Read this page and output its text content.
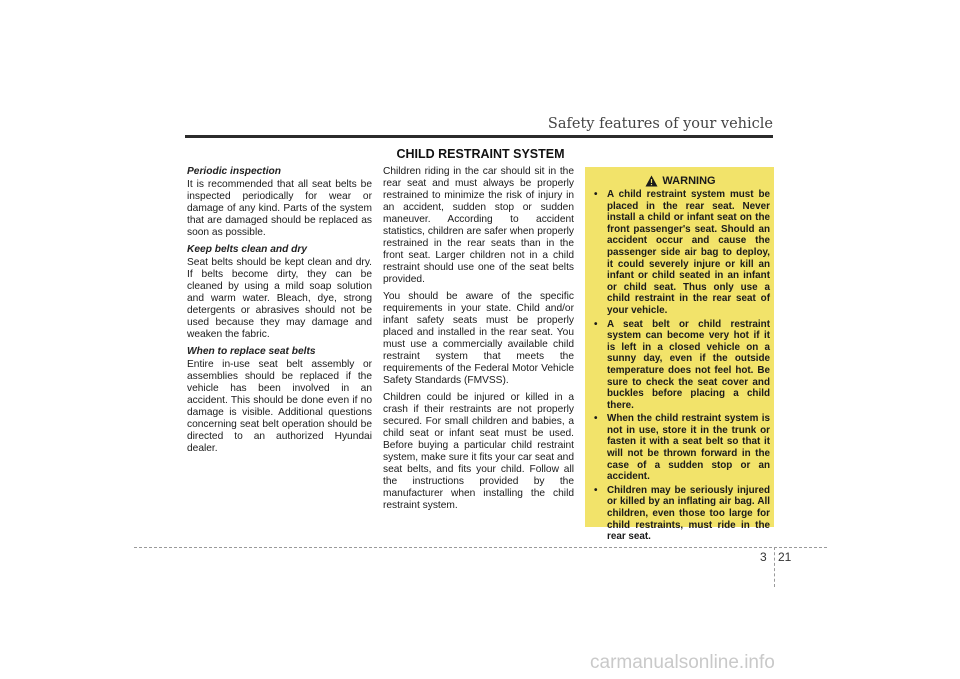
Safety features of your vehicle
Periodic inspection

It is recommended that all seat belts be inspected periodically for wear or damage of any kind. Parts of the system that are damaged should be replaced as soon as possible.

Keep belts clean and dry

Seat belts should be kept clean and dry. If belts become dirty, they can be cleaned by using a mild soap solution and warm water. Bleach, dye, strong detergents or abrasives should not be used because they may damage and weaken the fabric.

When to replace seat belts

Entire in-use seat belt assembly or assemblies should be replaced if the vehicle has been involved in an accident. This should be done even if no damage is visible. Additional questions concerning seat belt operation should be directed to an authorized Hyundai dealer.

CHILD RESTRAINT SYSTEM

Children riding in the car should sit in the rear seat and must always be properly restrained to minimize the risk of injury in an accident, sudden stop or sudden maneuver. According to accident statistics, children are safer when properly restrained in the rear seats than in the front seat. Larger children not in a child restraint should use one of the seat belts provided.

You should be aware of the specific requirements in your state. Child and/or infant safety seats must be properly placed and installed in the rear seat. You must use a commercially available child restraint system that meets the requirements of the Federal Motor Vehicle Safety Standards (FMVSS).

Children could be injured or killed in a crash if their restraints are not properly secured. For small children and babies, a child seat or infant seat must be used. Before buying a particular child restraint system, make sure it fits your car seat and seat belts, and fits your child. Follow all the instructions provided by the manufacturer when installing the child restraint system.

WARNING
• A child restraint system must be placed in the rear seat. Never install a child or infant seat on the front passenger's seat. Should an accident occur and cause the passenger side air bag to deploy, it could severely injure or kill an infant or child seated in an infant or child seat. Thus only use a child restraint in the rear seat of your vehicle.
• A seat belt or child restraint system can become very hot if it is left in a closed vehicle on a sunny day, even if the outside temperature does not feel hot. Be sure to check the seat cover and buckles before placing a child there.
• When the child restraint system is not in use, store it in the trunk or fasten it with a seat belt so that it will not be thrown forward in the case of a sudden stop or an accident.
• Children may be seriously injured or killed by an inflating air bag. All children, even those too large for child restraints, must ride in the rear seat.
3 21
carmanualsonline.info
